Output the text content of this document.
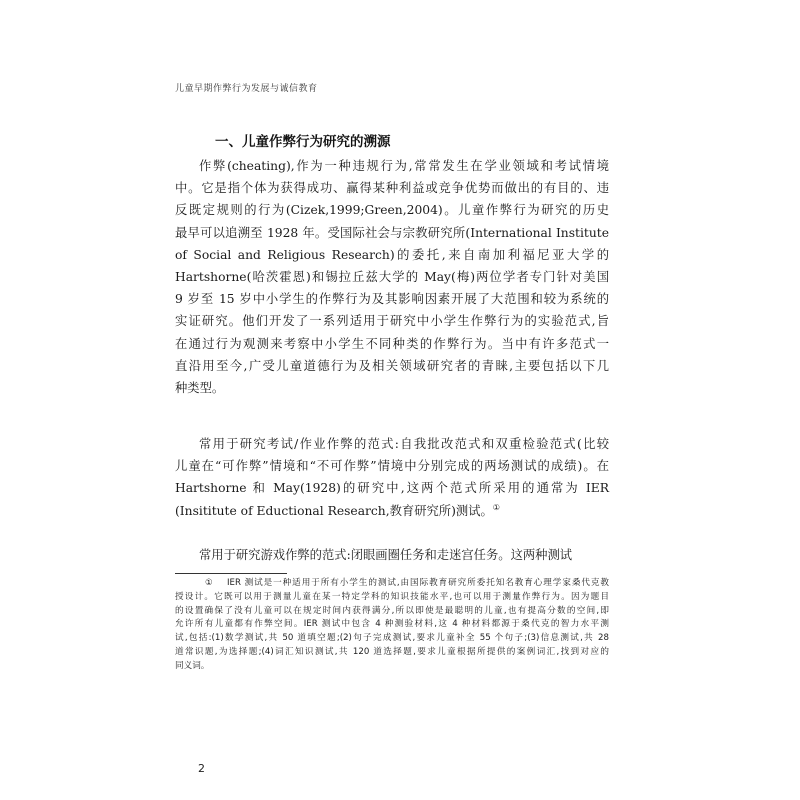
儿童早期作弊行为发展与诚信教育
一、儿童作弊行为研究的溯源
作弊(cheating),作为一种违规行为,常常发生在学业领域和考试情境
中。它是指个体为获得成功、赢得某种利益或竞争优势而做出的有目的、违
反既定规则的行为(Cizek,1999;Green,2004)。儿童作弊行为研究的历史
最早可以追溯至 1928 年。受国际社会与宗教研究所(International Institute
of Social and Religious Research)的委托,来自南加利福尼亚大学的
Hartshorne(哈茨霍恩)和锡拉丘兹大学的 May(梅)两位学者专门针对美国
9 岁至 15 岁中小学生的作弊行为及其影响因素开展了大范围和较为系统的
实证研究。他们开发了一系列适用于研究中小学生作弊行为的实验范式,旨
在通过行为观测来考察中小学生不同种类的作弊行为。当中有许多范式一
直沿用至今,广受儿童道德行为及相关领域研究者的青睐,主要包括以下几
种类型。
常用于研究考试/作业作弊的范式:自我批改范式和双重检验范式(比较
儿童在“可作弊”情境和“不可作弊”情境中分别完成的两场测试的成绩)。在
Hartshorne 和 May(1928)的研究中,这两个范式所采用的通常为 IER
(Insititute of Eductional Research,教育研究所)测试。①
常用于研究游戏作弊的范式:闭眼画圈任务和走迷宫任务。这两种测试
① IER 测试是一种适用于所有小学生的测试,由国际教育研究所委托知名教育心理学家桑代克教
授设计。它既可以用于测量儿童在某一特定学科的知识技能水平,也可以用于测量作弊行为。因为题目
的设置确保了没有儿童可以在规定时间内获得满分,所以即使是最聪明的儿童,也有提高分数的空间,即
允许所有儿童都有作弊空间。IER 测试中包含 4 种测验材料,这 4 种材料都源于桑代克的智力水平测
试,包括:(1)数学测试,共 50 道填空题;(2)句子完成测试,要求儿童补全 55 个句子;(3)信息测试,共 28
道常识题,为选择题;(4)词汇知识测试,共 120 道选择题,要求儿童根据所提供的案例词汇,找到对应的
同义词。
2
